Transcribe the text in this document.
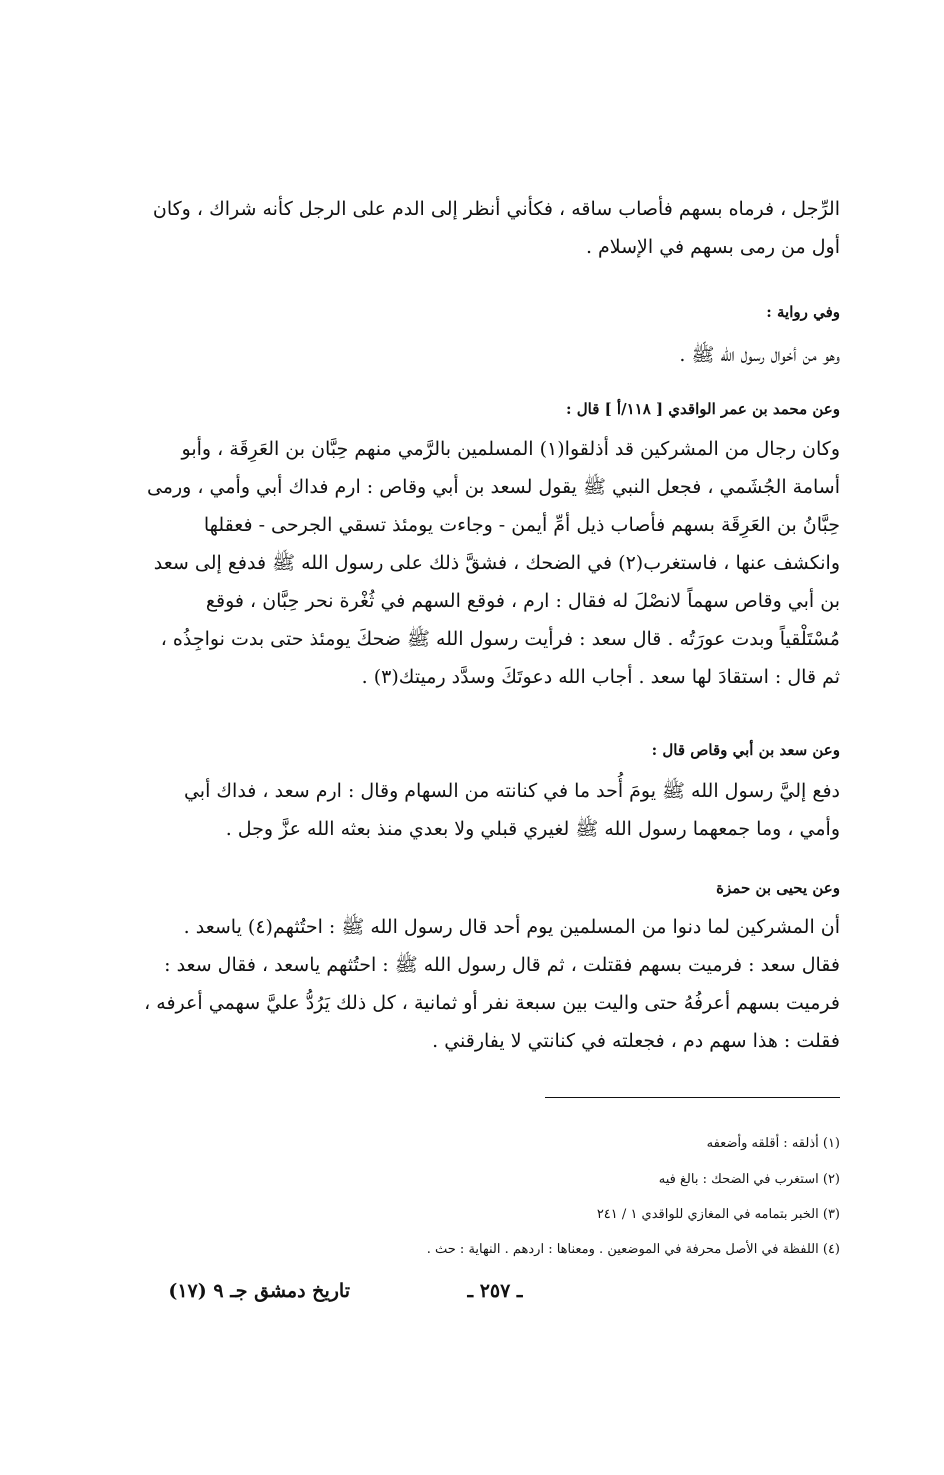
الرِّجل ، فرماه بسهم فأصاب ساقه ، فكأني أنظر إلى الدم على الرجل كأنه شراك ، وكان أول من رمى بسهم في الإسلام .

وفي رواية :

وهو من أخوال رسول الله ﷺ .

وعن محمد بن عمر الواقدي [ ١١٨/أ ] قال :

وكان رجال من المشركين قد أذلقوا(١) المسلمين بالرَّمي منهم حِبَّان بن العَرِقَة ، وأبو أسامة الجُشَمي ، فجعل النبي ﷺ يقول لسعد بن أبي وقاص : ارم فداك أبي وأمي ، ورمى حِبَّانُ بن العَرِقَة بسهم فأصاب ذيل أمِّ أيمن - وجاءت يومئذ تسقي الجرحى - فعقلها وانكشف عنها ، فاستغرب(٢) في الضحك ، فشقَّ ذلك على رسول الله ﷺ فدفع إلى سعد بن أبي وقاص سهماً لانصْلَ له فقال : ارم ، فوقع السهم في ثُغْرة نحر حِبَّان ، فوقع مُسْتَلْقياً وبدت عورَتُه . قال سعد : فرأيت رسول الله ﷺ ضحكَ يومئذ حتى بدت نواجِذُه ، ثم قال : استقادَ لها سعد . أجاب الله دعوتَكَ وسدَّد رميتك(٣) .

وعن سعد بن أبي وقاص قال :

دفع إليَّ رسول الله ﷺ يومَ أُحد ما في كنانته من السهام وقال : ارم سعد ، فداك أبي وأمي ، وما جمعهما رسول الله ﷺ لغيري قبلي ولا بعدي منذ بعثه الله عزَّ وجل .

وعن يحيى بن حمزة

أن المشركين لما دنوا من المسلمين يوم أحد قال رسول الله ﷺ : احتُثهم(٤) ياسعد . فقال سعد : فرميت بسهم فقتلت ، ثم قال رسول الله ﷺ : احتُثهم ياسعد ، فقال سعد : فرميت بسهم أعرفُهُ حتى واليت بين سبعة نفر أو ثمانية ، كل ذلك يَرُدُّ عليَّ سهمي أعرفه ، فقلت : هذا سهم دم ، فجعلته في كنانتي لا يفارقني .

(١) أذلقه : أقلقه وأضعفه
(٢) استغرب في الضحك : بالغ فيه
(٣) الخبر بتمامه في المغازي للواقدي ١ / ٢٤١
(٤) اللفظة في الأصل محرفة في الموضعين . ومعناها : اردهم . النهاية : حث .
ـ ٢٥٧ ـ
تاريخ دمشق جـ ٩ (١٧)
